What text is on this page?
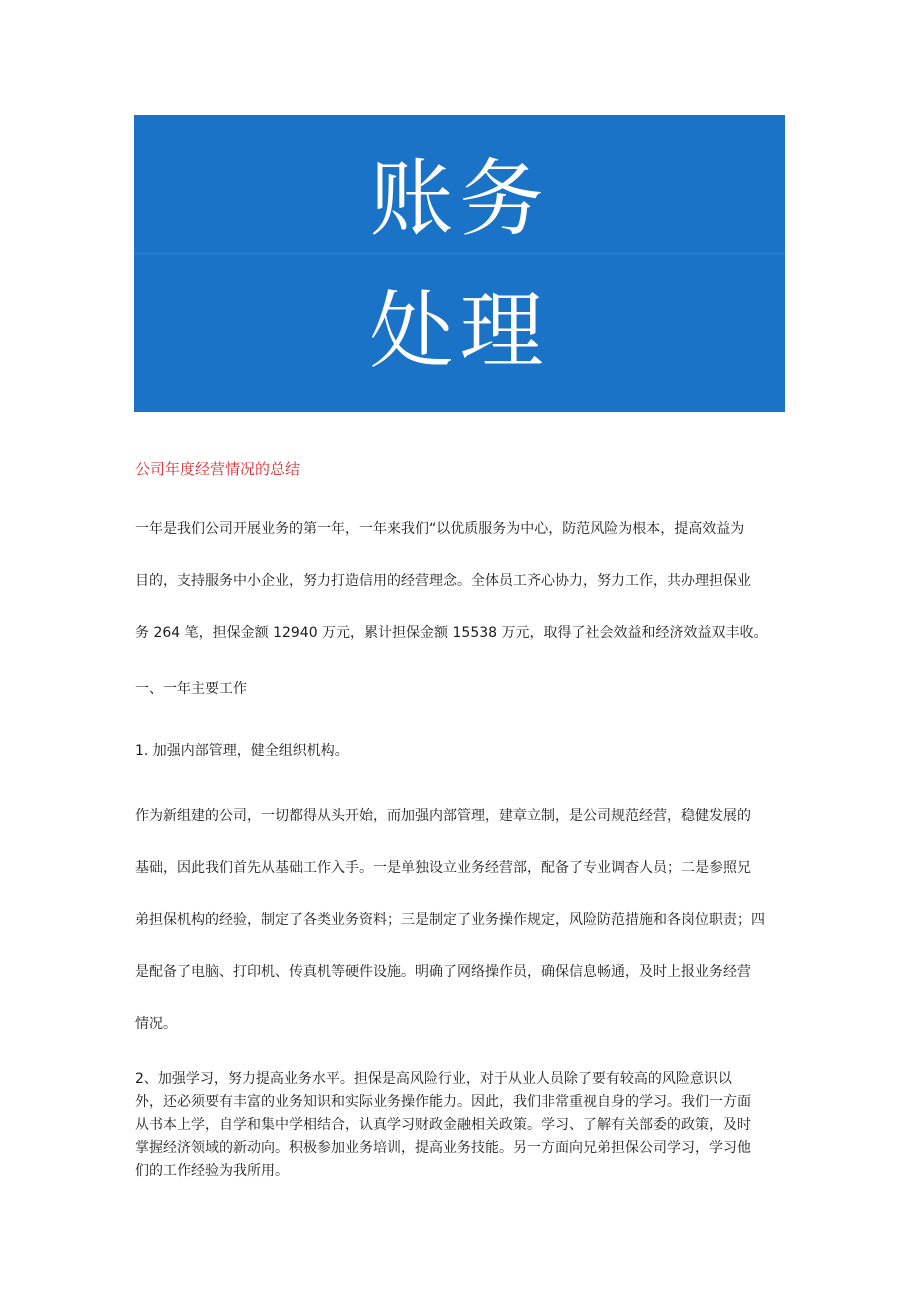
账务
处理
公司年度经营情况的总结
一年是我们公司开展业务的第一年，一年来我们“以优质服务为中心，防范风险为根本，提高效益为
目的，支持服务中小企业，努力打造信用的经营理念。全体员工齐心协力，努力工作，共办理担保业
务 264 笔，担保金额 12940 万元，累计担保金额 15538 万元，取得了社会效益和经济效益双丰收。
一、一年主要工作
1. 加强内部管理，健全组织机构。
作为新组建的公司，一切都得从头开始，而加强内部管理，建章立制，是公司规范经营，稳健发展的
基础，因此我们首先从基础工作入手。一是单独设立业务经营部，配备了专业调杳人员；二是参照兄
弟担保机构的经验，制定了各类业务资料；三是制定了业务操作规定，风险防范措施和各岗位职责；四
是配备了电脑、打印机、传真机等硬件设施。明确了网络操作员，确保信息畅通，及时上报业务经营
情况。
2、加强学习，努力提高业务水平。担保是高风险行业，对于从业人员除了要有较高的风险意识以
外，还必须要有丰富的业务知识和实际业务操作能力。因此，我们非常重视自身的学习。我们一方面
从书本上学，自学和集中学相结合，认真学习财政金融相关政策。学习、了解有关部委的政策，及时
掌握经济领域的新动向。积极参加业务培训，提高业务技能。另一方面向兄弟担保公司学习，学习他
们的工作经验为我所用。
